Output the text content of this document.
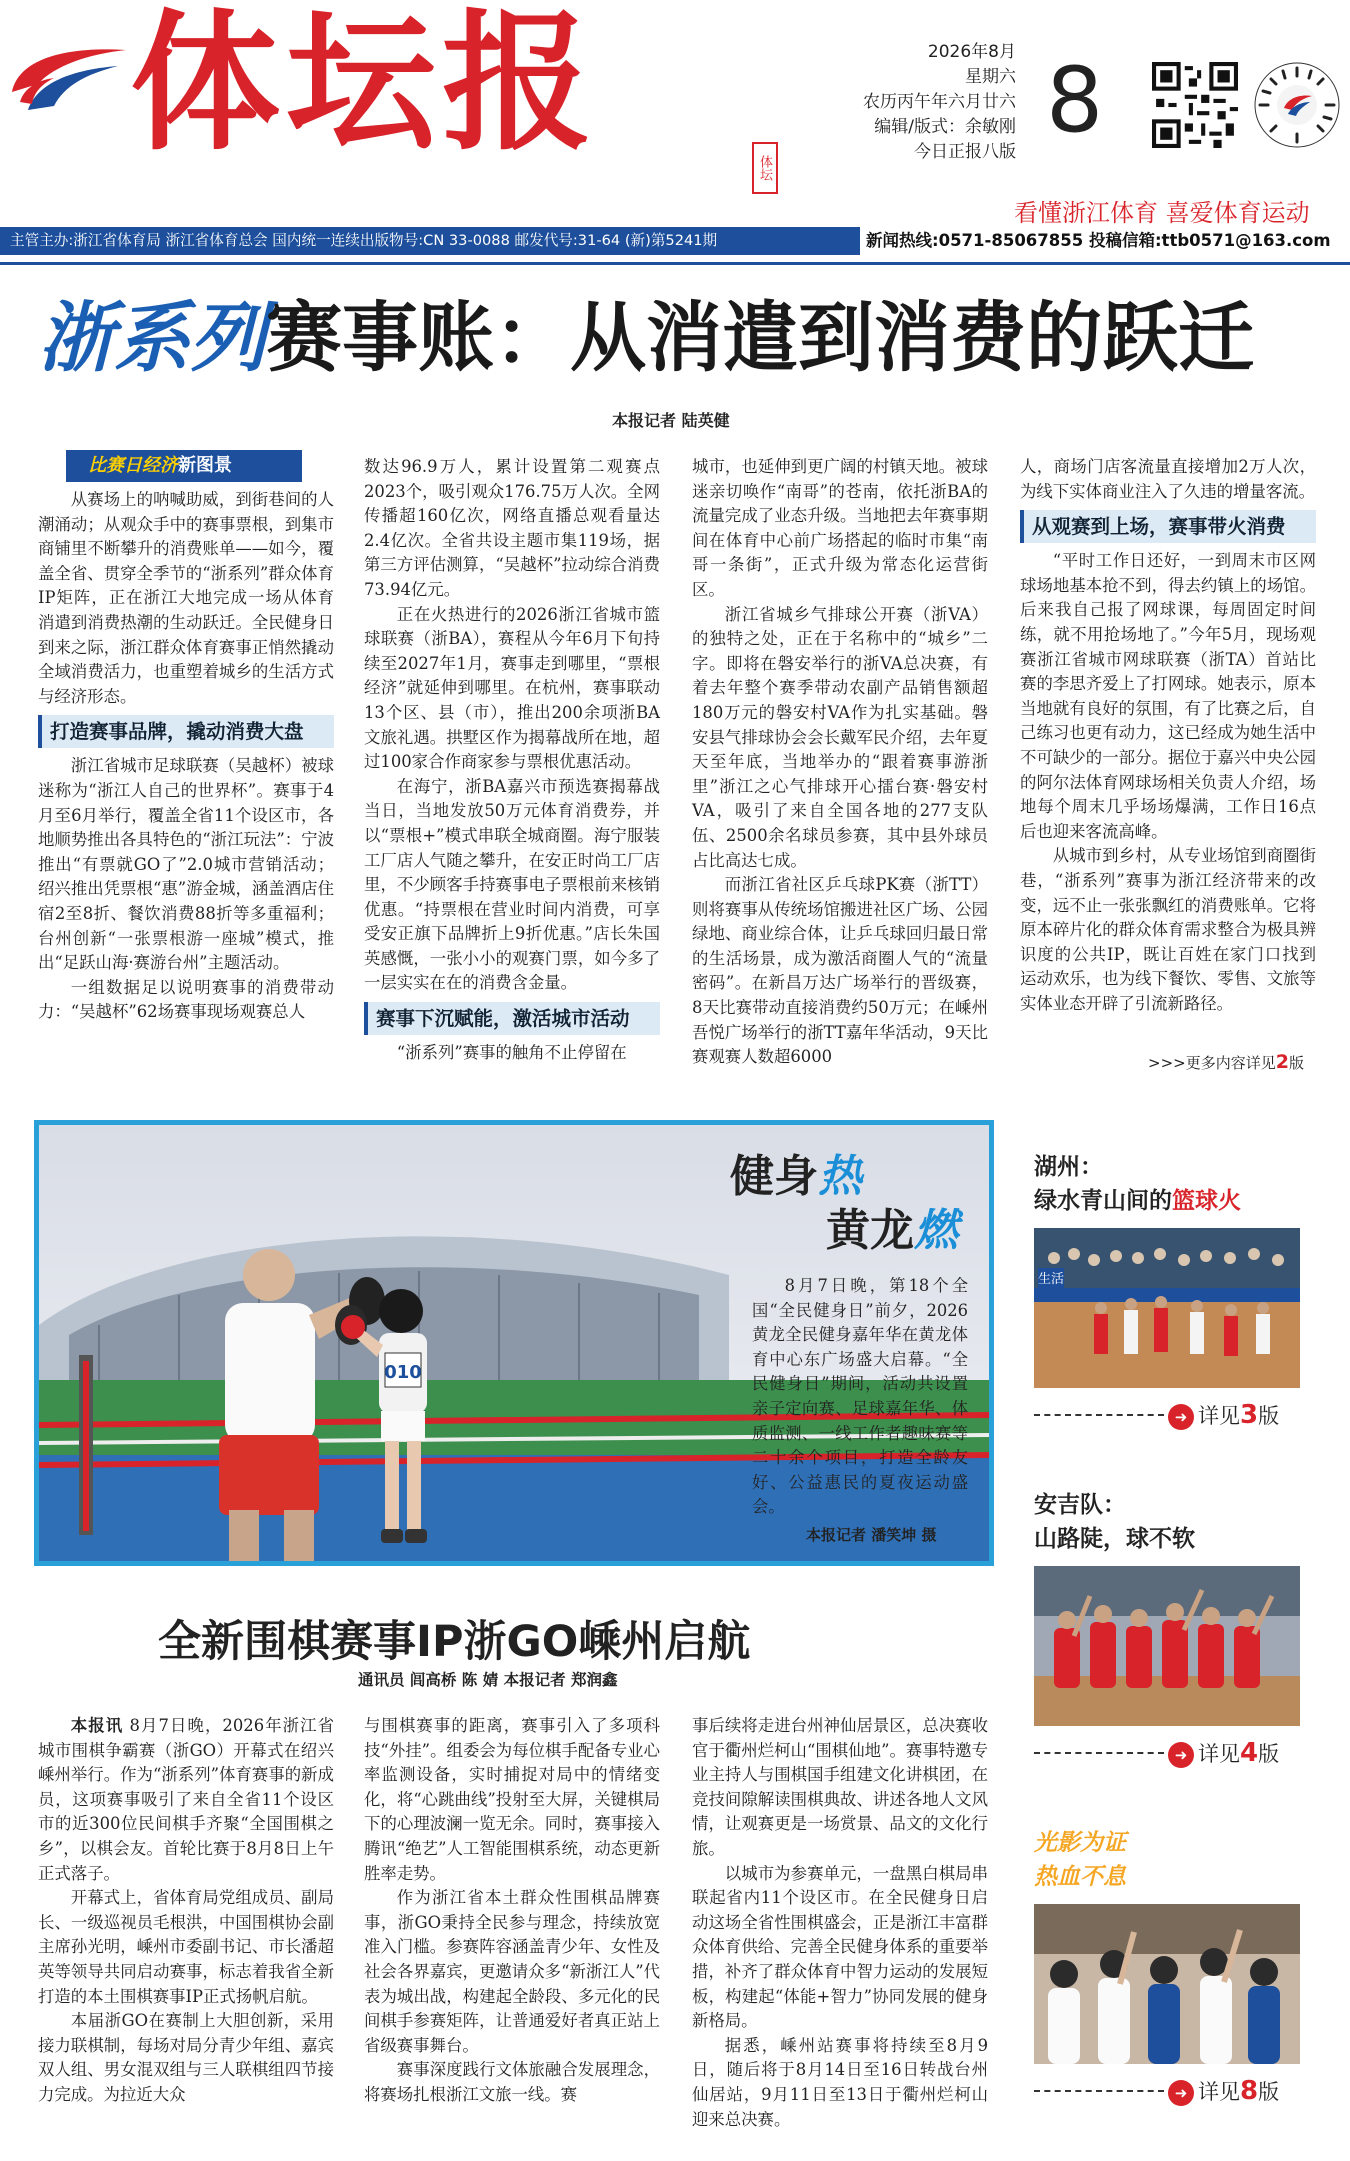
体坛报	体坛
2026年8月
星期六
农历丙午年六月廿六
编辑/版式：余敏刚
今日正报八版 8
看懂浙江体育 喜爱体育运动
主管主办:浙江省体育局 浙江省体育总会 国内统一连续出版物号:CN 33-0088 邮发代号:31-64 (新)第5241期	新闻热线:0571-85067855 投稿信箱:ttb0571@163.com
浙系列赛事账：从消遣到消费的跃迁
本报记者 陆英健
比赛日经济新图景

从赛场上的呐喊助威，到街巷间的人潮涌动；从观众手中的赛事票根，到集市商铺里不断攀升的消费账单——如今，覆盖全省、贯穿全季节的“浙系列”群众体育IP矩阵，正在浙江大地完成一场从体育消遣到消费热潮的生动跃迁。全民健身日到来之际，浙江群众体育赛事正悄然撬动全域消费活力，也重塑着城乡的生活方式与经济形态。

打造赛事品牌，撬动消费大盘

浙江省城市足球联赛（吴越杯）被球迷称为“浙江人自己的世界杯”。赛事于4月至6月举行，覆盖全省11个设区市，各地顺势推出各具特色的“浙江玩法”：宁波推出“有票就GO了”2.0城市营销活动；绍兴推出凭票根“惠”游金城，涵盖酒店住宿2至8折、餐饮消费88折等多重福利；台州创新“一张票根游一座城”模式，推出“足跃山海·赛游台州”主题活动。

一组数据足以说明赛事的消费带动力：“吴越杯”62场赛事现场观赛总人

数达96.9万人，累计设置第二观赛点2023个，吸引观众176.75万人次。全网传播超160亿次，网络直播总观看量达2.4亿次。全省共设主题市集119场，据第三方评估测算，“吴越杯”拉动综合消费73.94亿元。

正在火热进行的2026浙江省城市篮球联赛（浙BA），赛程从今年6月下旬持续至2027年1月，赛事走到哪里，“票根经济”就延伸到哪里。在杭州，赛事联动13个区、县（市），推出200余项浙BA文旅礼遇。拱墅区作为揭幕战所在地，超过100家合作商家参与票根优惠活动。

在海宁，浙BA嘉兴市预选赛揭幕战当日，当地发放50万元体育消费券，并以“票根+”模式串联全城商圈。海宁服装工厂店人气随之攀升，在安正时尚工厂店里，不少顾客手持赛事电子票根前来核销优惠。“持票根在营业时间内消费，可享受安正旗下品牌折上9折优惠。”店长朱国英感慨，一张小小的观赛门票，如今多了一层实实在在的消费含金量。

赛事下沉赋能，激活城市活动

“浙系列”赛事的触角不止停留在

城市，也延伸到更广阔的村镇天地。被球迷亲切唤作“南哥”的苍南，依托浙BA的流量完成了业态升级。当地把去年赛事期间在体育中心前广场搭起的临时市集“南哥一条街”，正式升级为常态化运营街区。

浙江省城乡气排球公开赛（浙VA）的独特之处，正在于名称中的“城乡”二字。即将在磐安举行的浙VA总决赛，有着去年整个赛季带动农副产品销售额超180万元的磐安村VA作为扎实基础。磐安县气排球协会会长戴军民介绍，去年夏天至年底，当地举办的“跟着赛事游浙里”浙江之心气排球开心擂台赛·磐安村VA，吸引了来自全国各地的277支队伍、2500余名球员参赛，其中县外球员占比高达七成。

而浙江省社区乒乓球PK赛（浙TT）则将赛事从传统场馆搬进社区广场、公园绿地、商业综合体，让乒乓球回归最日常的生活场景，成为激活商圈人气的“流量密码”。在新昌万达广场举行的晋级赛，8天比赛带动直接消费约50万元；在嵊州吾悦广场举行的浙TT嘉年华活动，9天比赛观赛人数超6000

人，商场门店客流量直接增加2万人次，为线下实体商业注入了久违的增量客流。

从观赛到上场，赛事带火消费

“平时工作日还好，一到周末市区网球场地基本抢不到，得去约镇上的场馆。后来我自己报了网球课，每周固定时间练，就不用抢场地了。”今年5月，现场观赛浙江省城市网球联赛（浙TA）首站比赛的李思齐爱上了打网球。她表示，原本当地就有良好的氛围，有了比赛之后，自己练习也更有动力，这已经成为她生活中不可缺少的一部分。据位于嘉兴中央公园的阿尔法体育网球场相关负责人介绍，场地每个周末几乎场场爆满，工作日16点后也迎来客流高峰。

从城市到乡村，从专业场馆到商圈街巷，“浙系列”赛事为浙江经济带来的改变，远不止一张张飘红的消费账单。它将原本碎片化的群众体育需求整合为极具辨识度的公共IP，既让百姓在家门口找到运动欢乐，也为线下餐饮、零售、文旅等实体业态开辟了引流新路径。

>>>更多内容详见2版
010
健身热
黄龙燃

8月7日晚，第18个全国“全民健身日”前夕，2026黄龙全民健身嘉年华在黄龙体育中心东广场盛大启幕。“全民健身日”期间，活动共设置亲子定向赛、足球嘉年华、体质监测、一线工作者趣味赛等二十余个项目，打造全龄友好、公益惠民的夏夜运动盛会。

本报记者 潘笑坤 摄
全新围棋赛事IP浙GO嵊州启航
通讯员 闾高桥 陈 婧 本报记者 郑润鑫

本报讯 8月7日晚，2026年浙江省城市围棋争霸赛（浙GO）开幕式在绍兴嵊州举行。作为“浙系列”体育赛事的新成员，这项赛事吸引了来自全省11个设区市的近300位民间棋手齐聚“全国围棋之乡”，以棋会友。首轮比赛于8月8日上午正式落子。

开幕式上，省体育局党组成员、副局长、一级巡视员毛根洪，中国围棋协会副主席孙光明，嵊州市委副书记、市长潘超英等领导共同启动赛事，标志着我省全新打造的本土围棋赛事IP正式扬帆启航。

本届浙GO在赛制上大胆创新，采用接力联棋制，每场对局分青少年组、嘉宾双人组、男女混双组与三人联棋组四节接力完成。为拉近大众

与围棋赛事的距离，赛事引入了多项科技“外挂”。组委会为每位棋手配备专业心率监测设备，实时捕捉对局中的情绪变化，将“心跳曲线”投射至大屏，关键棋局下的心理波澜一览无余。同时，赛事接入腾讯“绝艺”人工智能围棋系统，动态更新胜率走势。

作为浙江省本土群众性围棋品牌赛事，浙GO秉持全民参与理念，持续放宽准入门槛。参赛阵容涵盖青少年、女性及社会各界嘉宾，更邀请众多“新浙江人”代表为城出战，构建起全龄段、多元化的民间棋手参赛矩阵，让普通爱好者真正站上省级赛事舞台。

赛事深度践行文体旅融合发展理念，将赛场扎根浙江文旅一线。赛

事后续将走进台州神仙居景区，总决赛收官于衢州烂柯山“围棋仙地”。赛事特邀专业主持人与围棋国手组建文化讲棋团，在竞技间隙解读围棋典故、讲述各地人文风情，让观赛更是一场赏景、品文的文化行旅。

以城市为参赛单元，一盘黑白棋局串联起省内11个设区市。在全民健身日启动这场全省性围棋盛会，正是浙江丰富群众体育供给、完善全民健身体系的重要举措，补齐了群众体育中智力运动的发展短板，构建起“体能+智力”协同发展的健身新格局。

据悉，嵊州站赛事将持续至8月9日，随后将于8月14日至16日转战台州仙居站，9月11日至13日于衢州烂柯山迎来总决赛。

湖州：
绿水青山间的篮球火
生活
➜ 详见3版
安吉队：
山路陡，球不软
➜ 详见4版
光影为证
热血不息
➜ 详见8版
